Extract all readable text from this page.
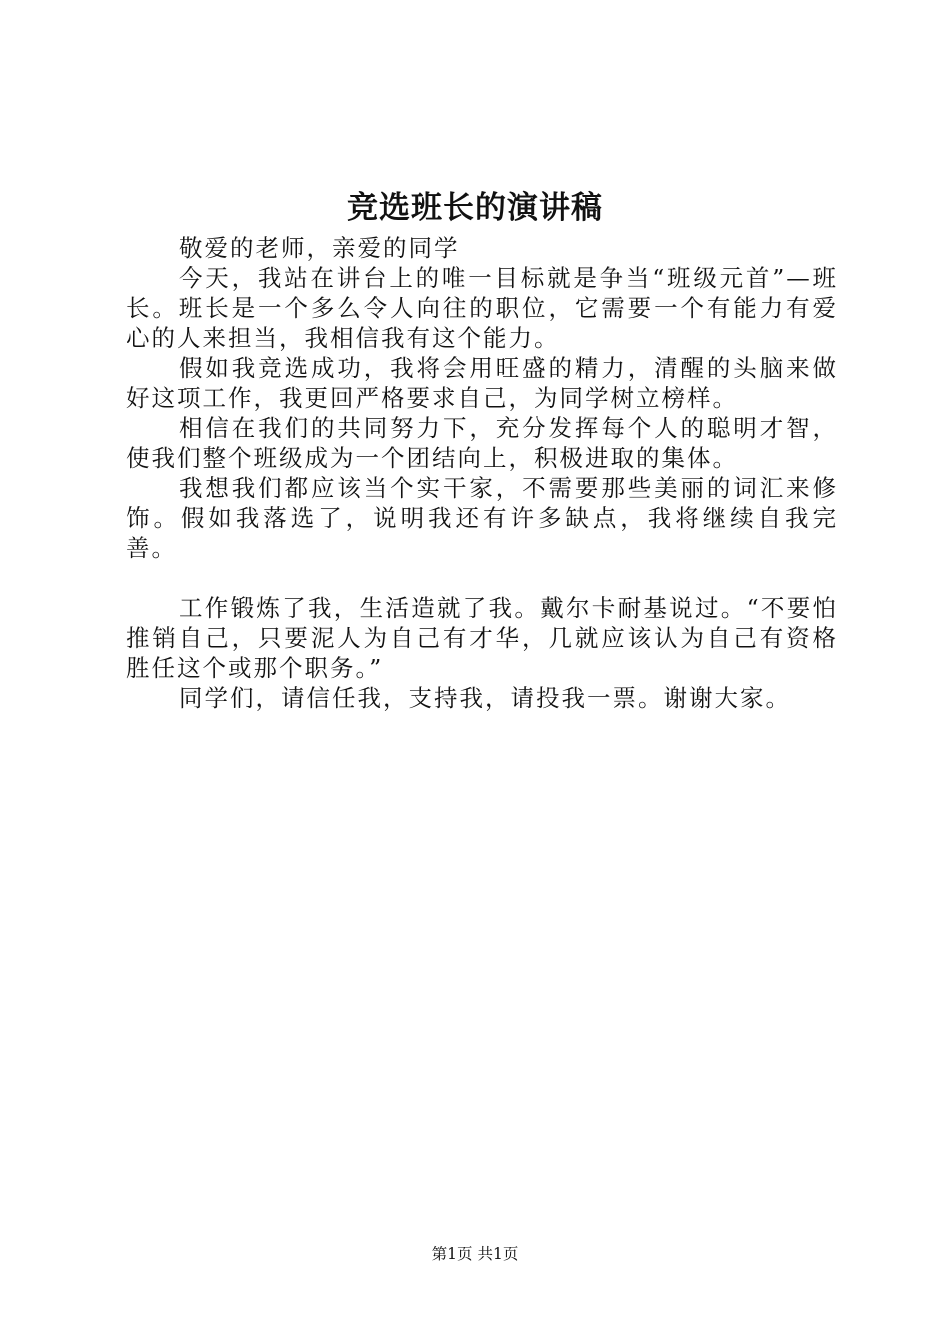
竞选班长的演讲稿

敬爱的老师，亲爱的同学

今天，我站在讲台上的唯一目标就是争当“班级元首”—班长。班长是一个多么令人向往的职位，它需要一个有能力有爱心的人来担当，我相信我有这个能力。

假如我竞选成功，我将会用旺盛的精力，清醒的头脑来做好这项工作，我更回严格要求自己，为同学树立榜样。

相信在我们的共同努力下，充分发挥每个人的聪明才智，使我们整个班级成为一个团结向上，积极进取的集体。

我想我们都应该当个实干家，不需要那些美丽的词汇来修饰。假如我落选了，说明我还有许多缺点，我将继续自我完善。

工作锻炼了我，生活造就了我。戴尔卡耐基说过。“不要怕推销自己，只要泥人为自己有才华，几就应该认为自己有资格胜任这个或那个职务。”

同学们，请信任我，支持我，请投我一票。谢谢大家。

第1页 共1页
